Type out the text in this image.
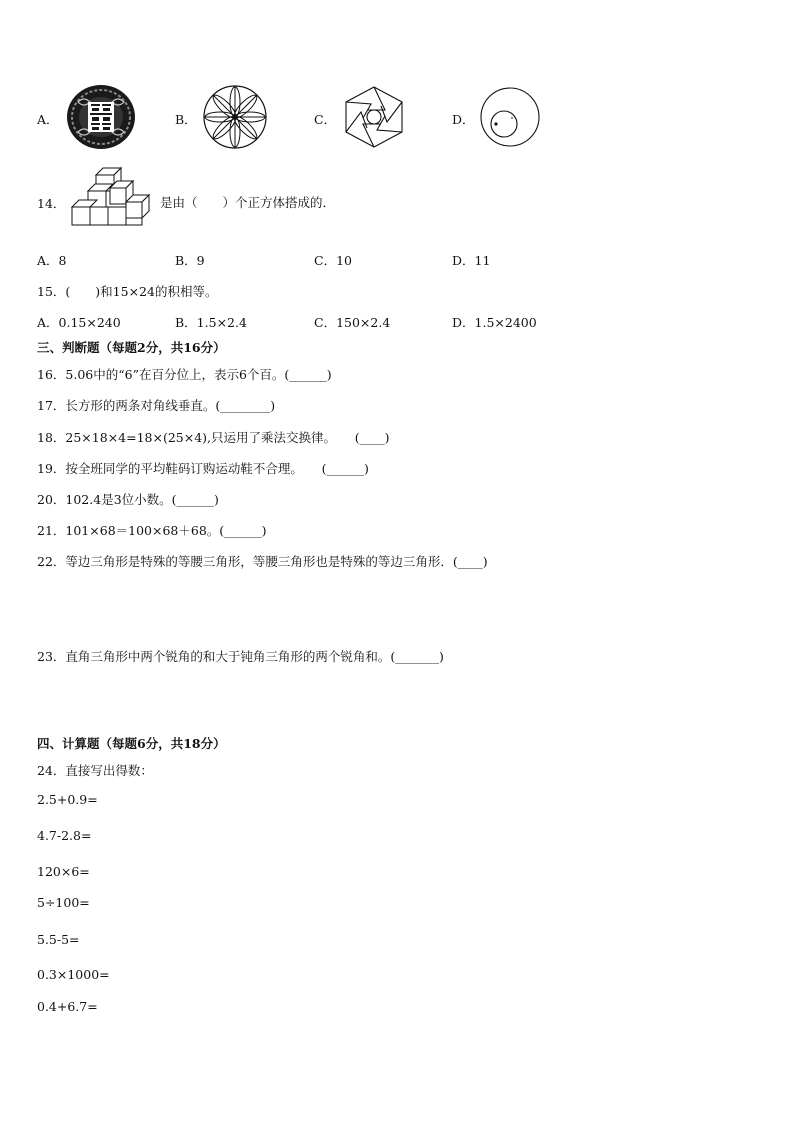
A．	B．	C．	D．
14．	是由（　　）个正方体搭成的．
A．8	B．9	C．10	D．11
15．(　　)和15×24的积相等。
A．0.15×240	B．1.5×2.4	C．150×2.4	D．1.5×2400
三、判断题（每题2分，共16分）
16．5.06中的“6”在百分位上，表示6个百。(______)
17．长方形的两条对角线垂直。(________)
18．25×18×4=18×(25×4),只运用了乘法交换律。　　(____)
19．按全班同学的平均鞋码订购运动鞋不合理。　　(______)
20．102.4是3位小数。(______)
21．101×68＝100×68＋68。(______)
22．等边三角形是特殊的等腰三角形，等腰三角形也是特殊的等边三角形．(____)
23．直角三角形中两个锐角的和大于钝角三角形的两个锐角和。(_______)
四、计算题（每题6分，共18分）
24．直接写出得数：
2.5+0.9=
4.7-2.8=
120×6=
5÷100=
5.5-5=
0.3×1000=
0.4+6.7=
